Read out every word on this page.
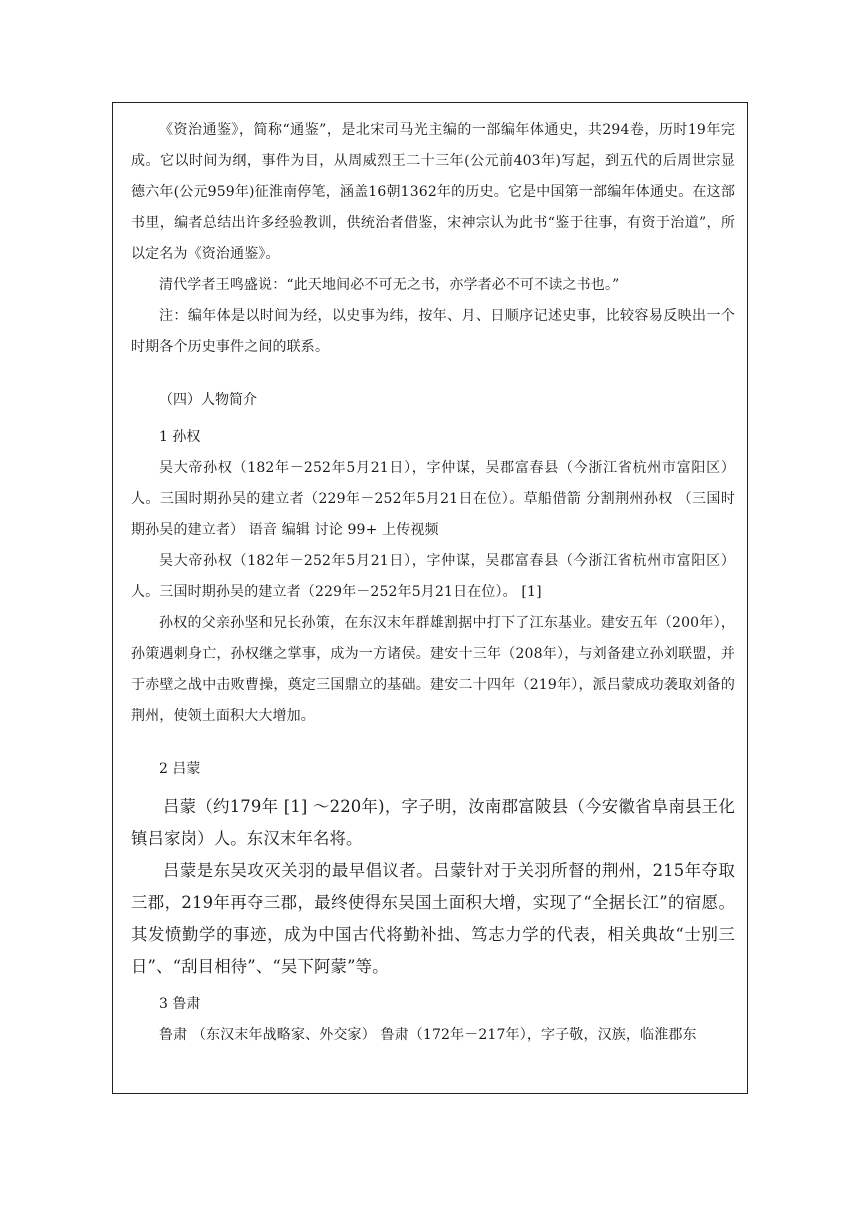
《资治通鉴》，简称“通鉴”，是北宋司马光主编的一部编年体通史，共294卷，历时19年完成。它以时间为纲，事件为目，从周威烈王二十三年(公元前403年)写起，到五代的后周世宗显德六年(公元959年)征淮南停笔，涵盖16朝1362年的历史。它是中国第一部编年体通史。在这部书里，编者总结出许多经验教训，供统治者借鉴，宋神宗认为此书“鉴于往事，有资于治道”，所以定名为《资治通鉴》。

清代学者王鸣盛说：“此天地间必不可无之书，亦学者必不可不读之书也。”

注：编年体是以时间为经，以史事为纬，按年、月、日顺序记述史事，比较容易反映出一个时期各个历史事件之间的联系。

（四）人物简介

1 孙权

吴大帝孙权（182年－252年5月21日），字仲谋，吴郡富春县（今浙江省杭州市富阳区）人。三国时期孙吴的建立者（229年－252年5月21日在位）。草船借箭 分割荆州孙权 （三国时期孙吴的建立者） 语音 编辑 讨论 99+ 上传视频

吴大帝孙权（182年－252年5月21日），字仲谋，吴郡富春县（今浙江省杭州市富阳区）人。三国时期孙吴的建立者（229年－252年5月21日在位）。 [1]

孙权的父亲孙坚和兄长孙策，在东汉末年群雄割据中打下了江东基业。建安五年（200年），孙策遇刺身亡，孙权继之掌事，成为一方诸侯。建安十三年（208年），与刘备建立孙刘联盟，并于赤壁之战中击败曹操，奠定三国鼎立的基础。建安二十四年（219年），派吕蒙成功袭取刘备的荆州，使领土面积大大增加。

2 吕蒙

吕蒙（约179年 [1] ～220年)，字子明，汝南郡富陂县（今安徽省阜南县王化镇吕家岗）人。东汉末年名将。

吕蒙是东吴攻灭关羽的最早倡议者。吕蒙针对于关羽所督的荆州，215年夺取三郡，219年再夺三郡，最终使得东吴国土面积大增，实现了“全据长江”的宿愿。其发愤勤学的事迹，成为中国古代将勤补拙、笃志力学的代表，相关典故“士别三日”、“刮目相待”、“吴下阿蒙”等。

3 鲁肃

鲁肃 （东汉末年战略家、外交家） 鲁肃（172年－217年），字子敬，汉族，临淮郡东
